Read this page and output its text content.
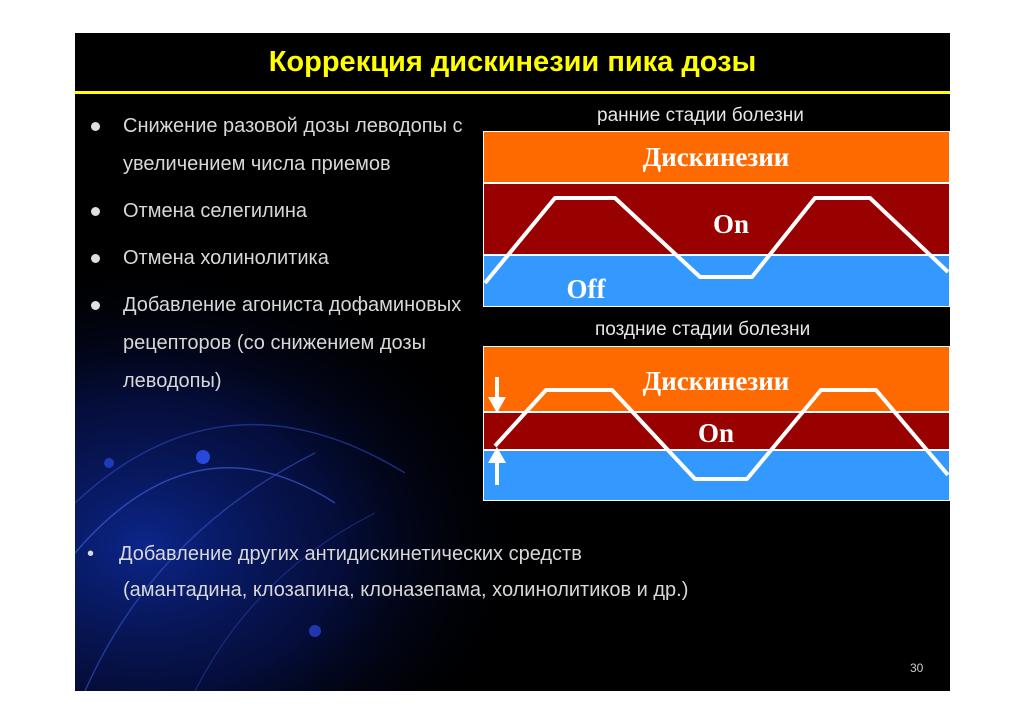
Коррекция дискинезии пика дозы
Снижение разовой дозы леводопы с увеличением числа приемов
Отмена селегилина
Отмена холинолитика
Добавление агониста дофаминовых рецепторов (со снижением дозы леводопы)
ранние стадии болезни
Дискинезии
On
Off
поздние стадии болезни
Дискинезии
On
•	Добавление других антидискинетических средств
(амантадина, клозапина, клоназепама, холинолитиков и др.)
30
